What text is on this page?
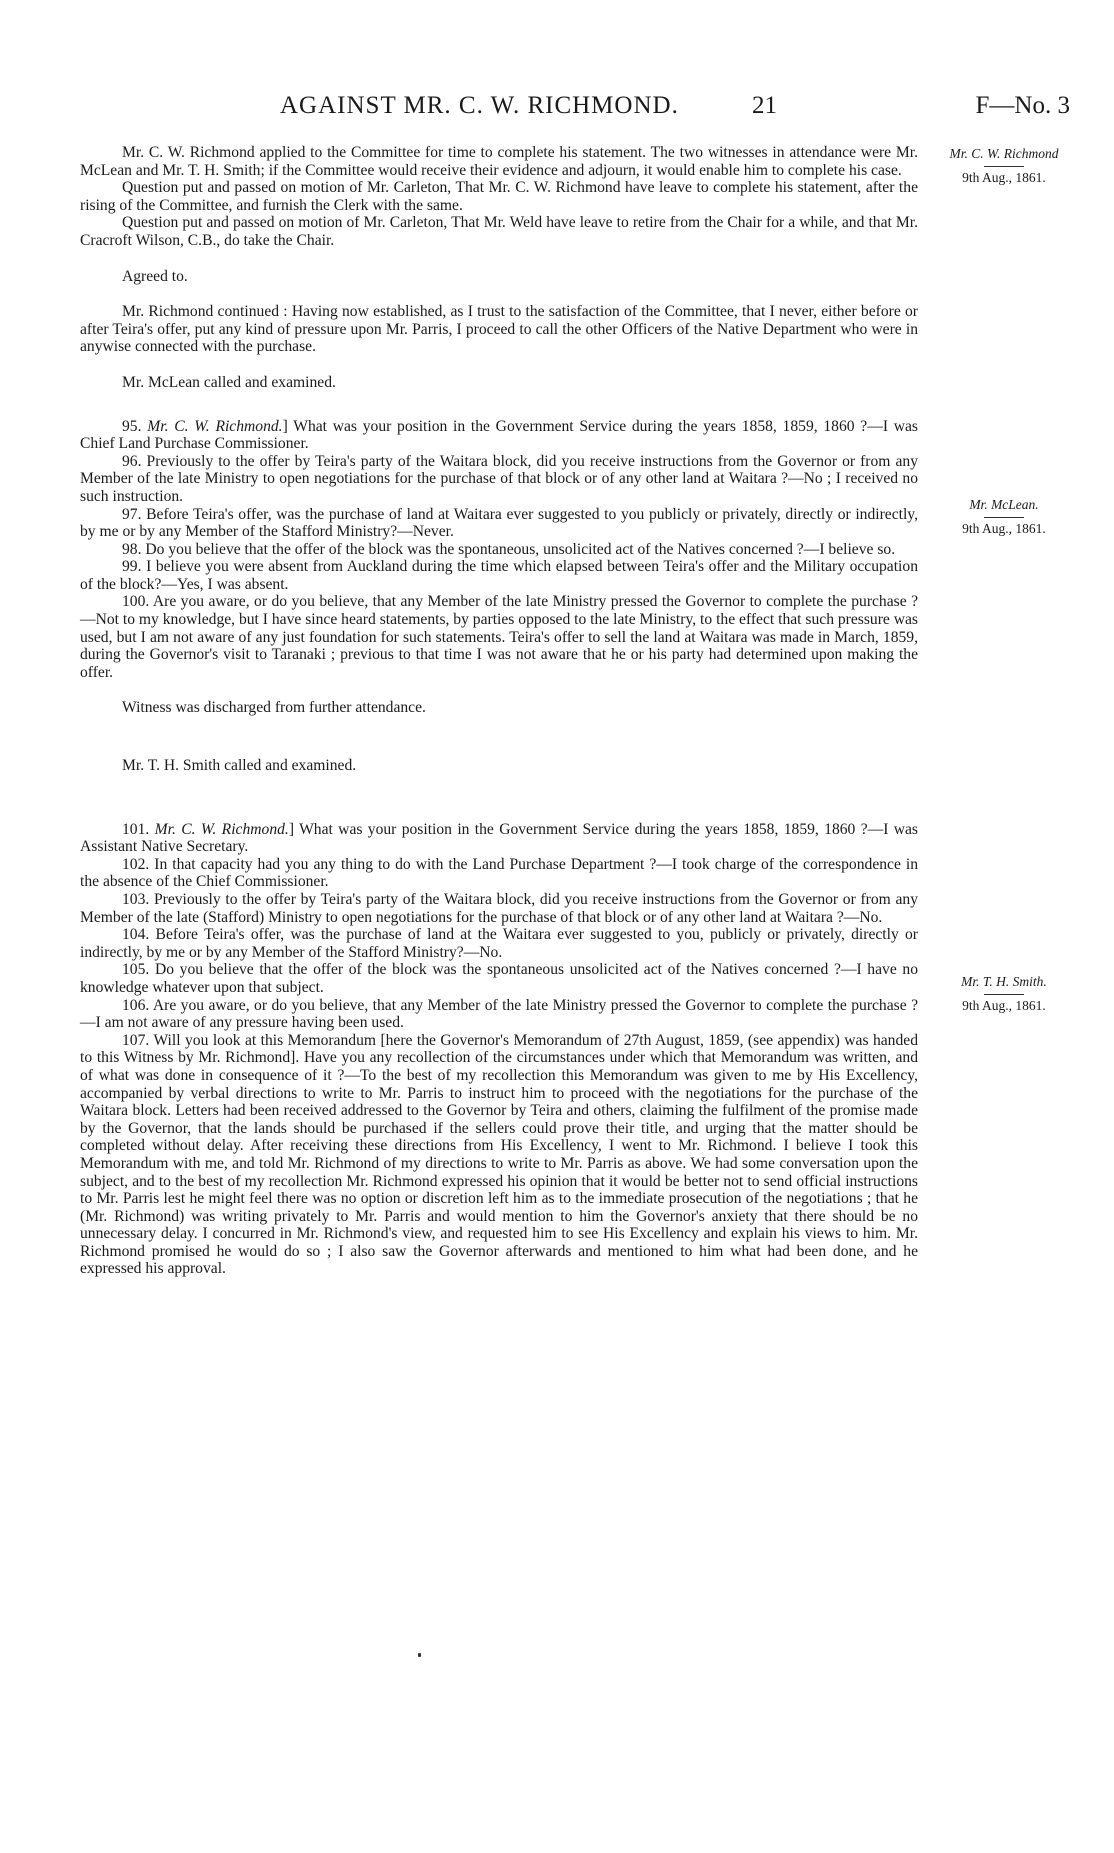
AGAINST MR. C. W. RICHMOND.	21	F—No. 3
Mr. C. W. Richmond
9th Aug., 1861.
Mr. McLean.
9th Aug., 1861.
Mr. T. H. Smith.
9th Aug., 1861.

Mr. C. W. Richmond applied to the Committee for time to complete his statement. The two witnesses in attendance were Mr. McLean and Mr. T. H. Smith; if the Committee would receive their evidence and adjourn, it would enable him to complete his case.

Question put and passed on motion of Mr. Carleton, That Mr. C. W. Richmond have leave to complete his statement, after the rising of the Committee, and furnish the Clerk with the same.

Question put and passed on motion of Mr. Carleton, That Mr. Weld have leave to retire from the Chair for a while, and that Mr. Cracroft Wilson, C.B., do take the Chair.

Agreed to.

Mr. Richmond continued : Having now established, as I trust to the satisfaction of the Committee, that I never, either before or after Teira's offer, put any kind of pressure upon Mr. Parris, I proceed to call the other Officers of the Native Department who were in anywise connected with the purchase.

Mr. McLean called and examined.

95. Mr. C. W. Richmond.] What was your position in the Government Service during the years 1858, 1859, 1860 ?—I was Chief Land Purchase Commissioner.

96. Previously to the offer by Teira's party of the Waitara block, did you receive instructions from the Governor or from any Member of the late Ministry to open negotiations for the purchase of that block or of any other land at Waitara ?—No ; I received no such instruction.

97. Before Teira's offer, was the purchase of land at Waitara ever suggested to you publicly or privately, directly or indirectly, by me or by any Member of the Stafford Ministry?—Never.

98. Do you believe that the offer of the block was the spontaneous, unsolicited act of the Natives concerned ?—I believe so.

99. I believe you were absent from Auckland during the time which elapsed between Teira's offer and the Military occupation of the block?—Yes, I was absent.

100. Are you aware, or do you believe, that any Member of the late Ministry pressed the Governor to complete the purchase ?—Not to my knowledge, but I have since heard statements, by parties opposed to the late Ministry, to the effect that such pressure was used, but I am not aware of any just foundation for such statements. Teira's offer to sell the land at Waitara was made in March, 1859, during the Governor's visit to Taranaki ; previous to that time I was not aware that he or his party had determined upon making the offer.

Witness was discharged from further attendance.

Mr. T. H. Smith called and examined.

101. Mr. C. W. Richmond.] What was your position in the Government Service during the years 1858, 1859, 1860 ?—I was Assistant Native Secretary.

102. In that capacity had you any thing to do with the Land Purchase Department ?—I took charge of the correspondence in the absence of the Chief Commissioner.

103. Previously to the offer by Teira's party of the Waitara block, did you receive instructions from the Governor or from any Member of the late (Stafford) Ministry to open negotiations for the purchase of that block or of any other land at Waitara ?—No.

104. Before Teira's offer, was the purchase of land at the Waitara ever suggested to you, publicly or privately, directly or indirectly, by me or by any Member of the Stafford Ministry?—No.

105. Do you believe that the offer of the block was the spontaneous unsolicited act of the Natives concerned ?—I have no knowledge whatever upon that subject.

106. Are you aware, or do you believe, that any Member of the late Ministry pressed the Governor to complete the purchase ?—I am not aware of any pressure having been used.

107. Will you look at this Memorandum [here the Governor's Memorandum of 27th August, 1859, (see appendix) was handed to this Witness by Mr. Richmond]. Have you any recollection of the circumstances under which that Memorandum was written, and of what was done in consequence of it ?—To the best of my recollection this Memorandum was given to me by His Excellency, accompanied by verbal directions to write to Mr. Parris to instruct him to proceed with the negotiations for the purchase of the Waitara block. Letters had been received addressed to the Governor by Teira and others, claiming the fulfilment of the promise made by the Governor, that the lands should be purchased if the sellers could prove their title, and urging that the matter should be completed without delay. After receiving these directions from His Excellency, I went to Mr. Richmond. I believe I took this Memorandum with me, and told Mr. Richmond of my directions to write to Mr. Parris as above. We had some conversation upon the subject, and to the best of my recollection Mr. Richmond expressed his opinion that it would be better not to send official instructions to Mr. Parris lest he might feel there was no option or discretion left him as to the immediate prosecution of the negotiations ; that he (Mr. Richmond) was writing privately to Mr. Parris and would mention to him the Governor's anxiety that there should be no unnecessary delay. I concurred in Mr. Richmond's view, and requested him to see His Excellency and explain his views to him. Mr. Richmond promised he would do so ; I also saw the Governor afterwards and mentioned to him what had been done, and he expressed his approval.
